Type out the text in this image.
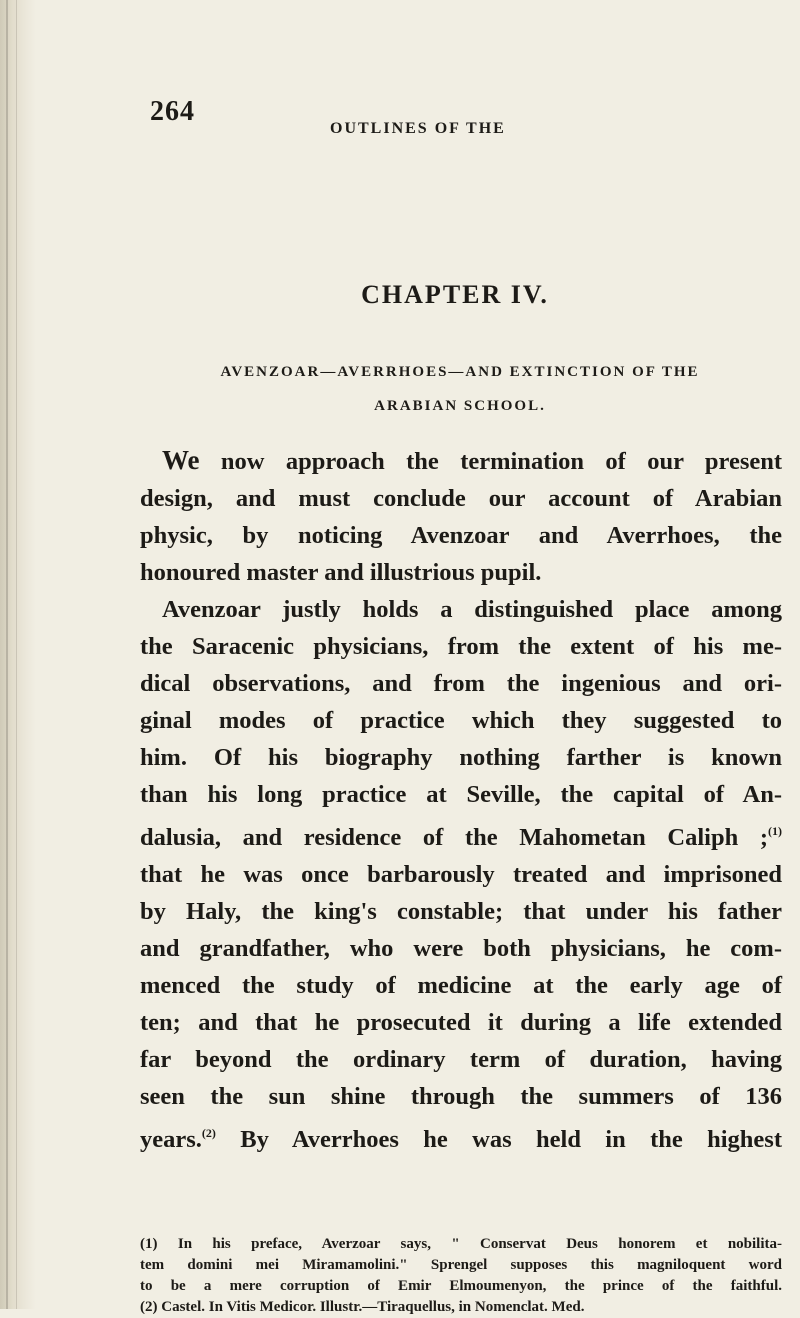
264
OUTLINES OF THE
CHAPTER IV.
AVENZOAR—AVERRHOES—AND EXTINCTION OF THE
ARABIAN SCHOOL.

We now approach the termination of our present
design, and must conclude our account of Arabian
physic, by noticing Avenzoar and Averrhoes, the
honoured master and illustrious pupil.

Avenzoar justly holds a distinguished place among
the Saracenic physicians, from the extent of his me-
dical observations, and from the ingenious and ori-
ginal modes of practice which they suggested to
him. Of his biography nothing farther is known
than his long practice at Seville, the capital of An-
dalusia, and residence of the Mahometan Caliph ;$^{(1)}$
that he was once barbarously treated and imprisoned
by Haly, the king's constable; that under his father
and grandfather, who were both physicians, he com-
menced the study of medicine at the early age of
ten; and that he prosecuted it during a life extended
far beyond the ordinary term of duration, having
seen the sun shine through the summers of 136
years.$^{(2)}$ By Averrhoes he was held in the highest

(1) In his preface, Averzoar says, " Conservat Deus honorem et nobilita-
tem domini mei Miramamolini." Sprengel supposes this magniloquent word
to be a mere corruption of Emir Elmoumenyon, the prince of the faithful.
(2) Castel. In Vitis Medicor. Illustr.—Tiraquellus, in Nomenclat. Med.
